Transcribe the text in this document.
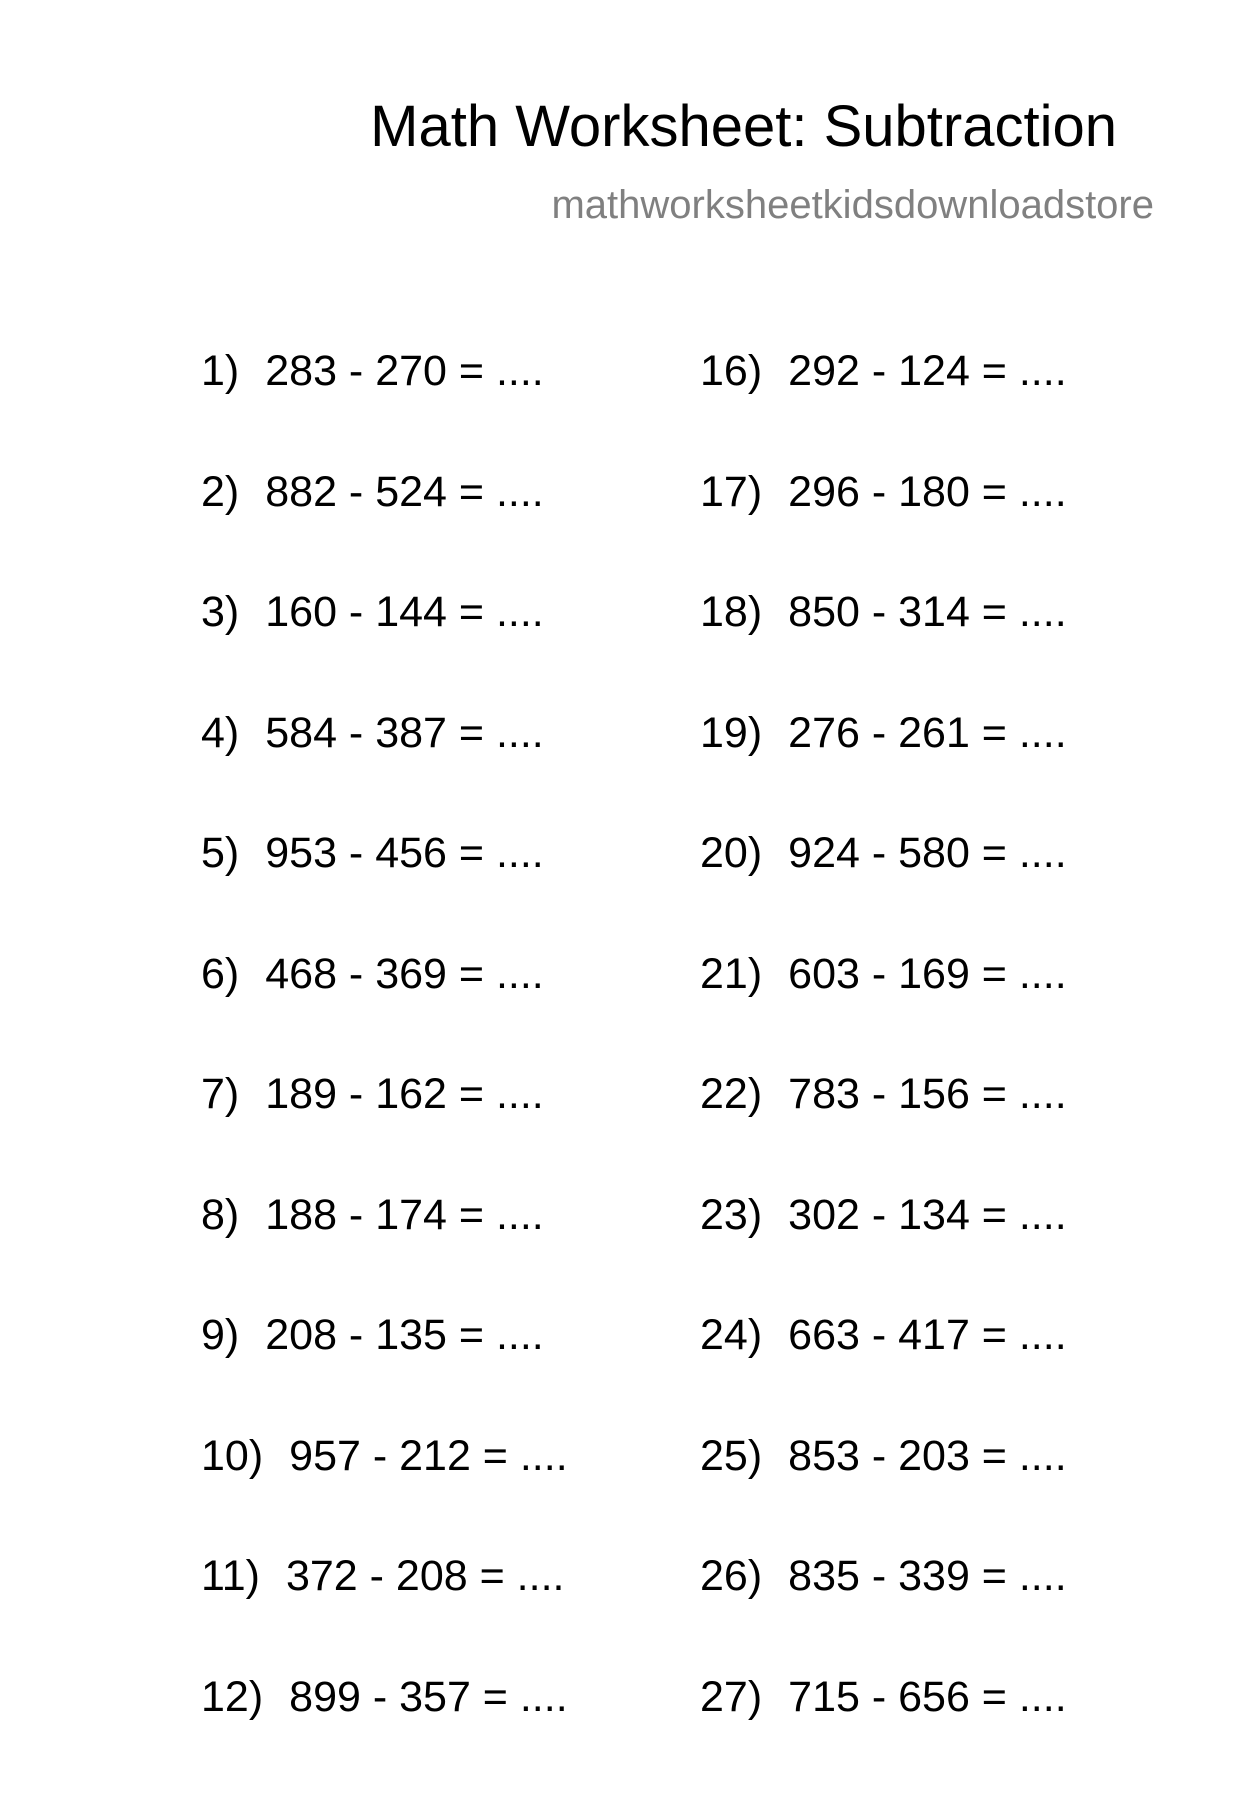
Math Worksheet: Subtraction
mathworksheetkidsdownloadstore
1) 283 - 270 = ....
2) 882 - 524 = ....
3) 160 - 144 = ....
4) 584 - 387 = ....
5) 953 - 456 = ....
6) 468 - 369 = ....
7) 189 - 162 = ....
8) 188 - 174 = ....
9) 208 - 135 = ....
10) 957 - 212 = ....
11) 372 - 208 = ....
12) 899 - 357 = ....
16) 292 - 124 = ....
17) 296 - 180 = ....
18) 850 - 314 = ....
19) 276 - 261 = ....
20) 924 - 580 = ....
21) 603 - 169 = ....
22) 783 - 156 = ....
23) 302 - 134 = ....
24) 663 - 417 = ....
25) 853 - 203 = ....
26) 835 - 339 = ....
27) 715 - 656 = ....
